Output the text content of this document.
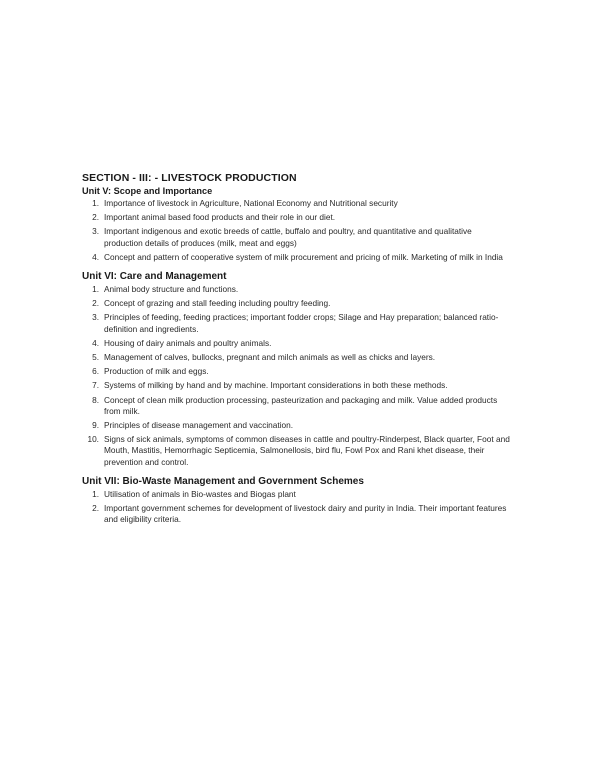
SECTION - III: - LIVESTOCK PRODUCTION
Unit V: Scope and Importance
1. Importance of livestock in Agriculture, National Economy and Nutritional security
2. Important animal based food products and their role in our diet.
3. Important indigenous and exotic breeds of cattle, buffalo and poultry, and quantitative and qualitative production details of produces (milk, meat and eggs)
4. Concept and pattern of cooperative system of milk procurement and pricing of milk. Marketing of milk in India
Unit VI: Care and Management
1. Animal body structure and functions.
2. Concept of grazing and stall feeding including poultry feeding.
3. Principles of feeding, feeding practices; important fodder crops; Silage and Hay preparation; balanced ratio-definition and ingredients.
4. Housing of dairy animals and poultry animals.
5. Management of calves, bullocks, pregnant and milch animals as well as chicks and layers.
6. Production of milk and eggs.
7. Systems of milking by hand and by machine. Important considerations in both these methods.
8. Concept of clean milk production processing, pasteurization and packaging and milk. Value added products from milk.
9. Principles of disease management and vaccination.
10. Signs of sick animals, symptoms of common diseases in cattle and poultry-Rinderpest, Black quarter, Foot and Mouth, Mastitis, Hemorrhagic Septicemia, Salmonellosis, bird flu, Fowl Pox and Rani khet disease, their prevention and control.
Unit VII: Bio-Waste Management and Government Schemes
1. Utilisation of animals in Bio-wastes and Biogas plant
2. Important government schemes for development of livestock dairy and purity in India. Their important features and eligibility criteria.
